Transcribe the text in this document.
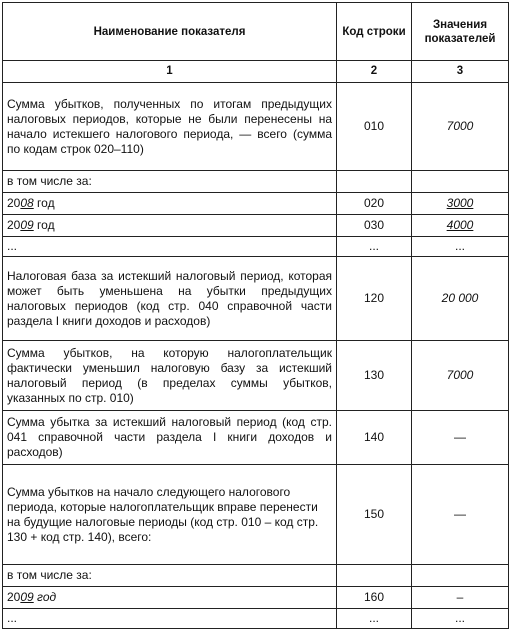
Наименование показателя	Код строки	Значения показателей
1	2	3
Сумма убытков, полученных по итогам предыдущих налоговых периодов, которые не были перенесены на начало истекшего налогового периода, — всего (сумма по кодам строк 020–110)	010	7000
в том числе за:		
2008 год	020	3000
2009 год	030	4000
...	...	...
Налоговая база за истекший налоговый период, которая может быть уменьшена на убытки предыдущих налоговых периодов (код стр. 040 справочной части раздела I книги доходов и расходов)	120	20 000
Сумма убытков, на которую налогоплательщик фактически уменьшил налоговую базу за истекший налоговый период (в пределах суммы убытков, указанных по стр. 010)	130	7000
Сумма убытка за истекший налоговый период (код стр. 041 справочной части раздела I книги доходов и расходов)	140	—
Сумма убытков на начало следующего налогового периода, которые налогоплательщик вправе перенести на будущие налоговые периоды (код стр. 010 – код стр. 130 + код стр. 140), всего:	150	—
в том числе за:		
2009 год	160	–
...	...	...
